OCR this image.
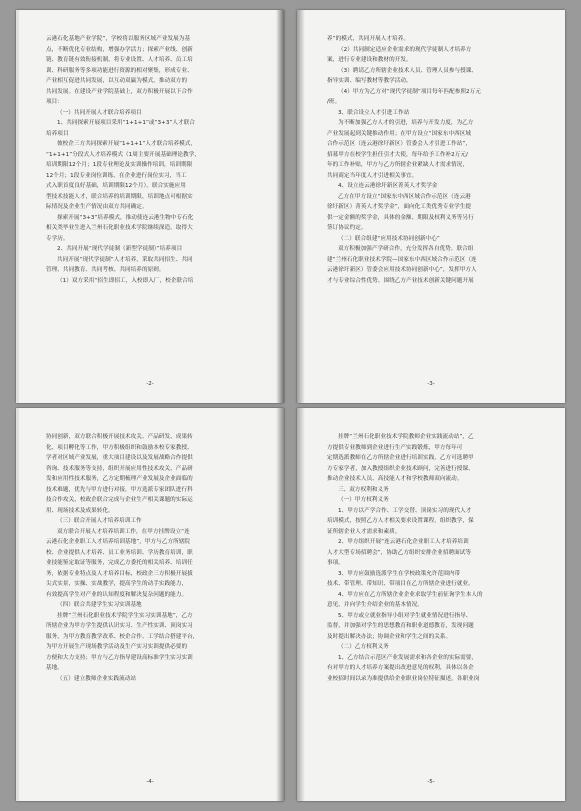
云港石化基地产业学院”，学校将以服务区域产业发展为基
点，不断优化专业结构，增强办学活力；探索产业线、创新
链、教育链有效衔接机制，将专业设置、人才培养、员工培
训、科研服务等多项功能进行资源的相对聚集，形成专业、
产业相互促进共同发展，以互动双赢为模式，推动双方的
共同发展。在建设产业学院基础上，双方积极开展以下合作
项目：
（一）共同开展人才联合培养项目
1、共同探索开展项目采用“1+1+1”或“3+3”人才联合
培养项目
彼校企三方共同探索开展“1+1+1”人才联合培养模式，
“1+1+1”分段式人才培养模式（1周主要开展基础理论教学，
培训期限12个月；1段专业理论及实训操作培训，培训期限
12个月；1段专业岗位训练，在企业进行岗位实习，当工
式入职首度良好基础，培训期限12个月）。联合实施应用
型技术技能人才，联合培养的培训期限，培训地点可根据实
际情况及企业生产情况由双方共同确定。
探索开展“3+3”培养模式，推动使连云港生物中专石化
相关类毕业生进入兰州石化职业技术学院继续深造，取得大
专学历。
2、共同开展“现代学徒制（新型学徒制）”培养项目
共同开展“现代学徒制”人才培养，采取共同招生、共同
管理、共同教育、共同考核、共同培养的原则。
（1）双方采用“招生即招工，入校即入厂，校企联合培
-2-
养”的模式，共同开展人才培养。
（2）共同制定适应企业需求的现代学徒制人才培养方
案，进行专业建设和教材的开发。
（3）聘请乙方所辖企业技术人员、管理人员参与授课、
指导实训、编写教材等教学活动。
（4）甲方为乙方对“现代学徒制”项目每年匹配参照2万元
/班。
3、联合设立人才引进工作站
为不断加强乙方人才的引进，培养与开发力度，为乙方
产业发展起到关键推动作用；在甲方设立“国家东中西区域
合作示范区（连云港徐圩新区）管委会人才引进工作站”，
招募甲方在校学生担任引才大使，每年给予工作补2万元/
年的工作补贴，甲方与乙方所辖企业紧缺人才需求情况，
共同商定当年度人才引进相关事宜。
4、设立连云港徐圩新区菁英人才奖学金
乙方在甲方设立“国家东中西区域合作示范区（连云港
徐圩新区）菁英人才奖学金”，面向化工类优秀专业学生提
供一定金额的奖学金，具体的金额、期限及权利义务等另行
签订协议约定。
（二）联合组建“应用技术协同创新中心”
双方积极加强产学研合作，充分发挥各自优势。联合组
建“兰州石化职业技术学院—国家东中西区域合作示范区（连
云港徐圩新区）管委会应用技术协同创新中心”，发挥甲方人
才与专业综合性优势、围绕乙方产业技术创新关键问题开展
-3-
协同创新，双方联合积极开展技术攻关、产品研发、成果转
化、项目孵化等工作，甲方积极组织和鼓励本校专家教授、
学者对区域产业发展，重大项目建设以及发展战略合作提供
咨询、技术服务等支持，组织开展应用性技术攻关、产品研
发和应用性技术服务，乙方定期梳理产业发展及企业面临的
技术难题，优先与甲方进行对接，甲方选派专家团队进行科
技合作攻关，校政企联合完成与企业生产相关课题的实际运
用、现场技术及成果转化。
（三）联合开展人才培养培训工作
双方联合开展人才培养培训工作，在甲方挂牌设立“连
云港石化企业职工人才培养培训基地”，甲方与乙方所辖院
校、企业提供人才培养、员工业务培训、学历教育培训，职
业技能鉴定取证等服务，完成乙方委托的相关培养、培训任
务，依据专业特点及人才培养目标，校政企三方积极开展拔
尖式实景，实操、实战教学，提高学生的动手实践能力，
有效提高学生对产业的认知程度和解决复杂问题的能力。
（四）联合共建学生实习实训基地
挂牌“兰州石化职业技术学院学生实习实训基地”，乙方
所辖企业为甲方学生提供认识实习、生产性实训、顶岗实习
服务，为甲方教育教学改革、校企合作、工学结合搭建平台，
为甲方开展生产现场教学活动及生产实习实训提供必要的
方便和大力支持；甲方与乙方指导建设高标准学生实习实训
基地。
（五）建立教师企业实践流动站
-4-
挂牌“兰州石化职业技术学院教师企业实践流动站”，乙
方提供专业教师到企业进行生产实践锻炼，甲方每年可
定期选派教师在乙方所辖企业进行培训实践，乙方可选聘甲
方专家学者，加入教授组织企业技术顾问，完善进行授课、
推动企业技术人员、高技能人才和学校教师双向流动。
三、双方权利和义务
（一）甲方权利义务
1、甲方以产学合作、工学交替、顶岗实习的现代人才
培训模式，按照乙方人才相关要求设置课程，组织教学，保
证所辖企业人才需求和素质。
2、甲方组织开展“连云港石化企业职工人才培养培训
人才大型专场招聘会”，协助乙方组织安排企业招聘面试等
事项。
3、甲方应鼓励选派学生在学校政策允许范围内带
技术、带管理、带知识、带项目在乙方所辖企业进行就业。
4、甲方应在乙方所辖企业企业求取学生前征询学生本人的
意见，并向学生介绍企业的基本情况。
5、甲方或立就业指导小组对学生就业情况进行指导、
监督，并加强对学生的思想教育和职业道德教育，发现问题
及时提出解决办法；协调企业和学生之间的关系。
（二）乙方权利义务
1、乙方结合示范区产业发展需求和各企业的实际需要，
有对甲方的人才培养方案提出改进意见的权利，具体以各企
业校招时间以录为准提供给企业职业岗位特征描述，各职业岗
-5-
